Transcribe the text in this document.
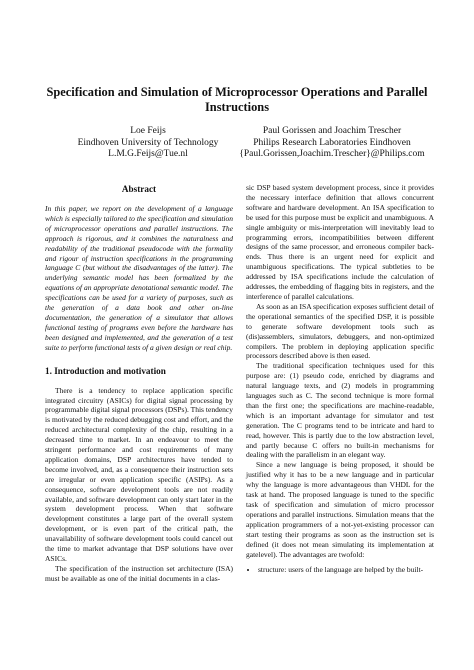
Specification and Simulation of Microprocessor Operations and Parallel Instructions
Loe Feijs
Eindhoven University of Technology
L.M.G.Feijs@Tue.nl
Paul Gorissen and Joachim Trescher
Philips Research Laboratories Eindhoven
{Paul.Gorissen,Joachim.Trescher}@Philips.com
Abstract

In this paper, we report on the development of a language which is especially tailored to the specification and simulation of microprocessor operations and parallel instructions. The approach is rigorous, and it combines the naturalness and readability of the traditional pseudocode with the formality and rigour of instruction specifications in the programming language C (but without the disadvantages of the latter). The underlying semantic model has been formalized by the equations of an appropriate denotational semantic model. The specifications can be used for a variety of purposes, such as the generation of a data book and other on-line documentation, the generation of a simulator that allows functional testing of programs even before the hardware has been designed and implemented, and the generation of a test suite to perform functional tests of a given design or real chip.

1. Introduction and motivation

There is a tendency to replace application specific integrated circuitry (ASICs) for digital signal processing by programmable digital signal processors (DSPs). This tendency is motivated by the reduced debugging cost and effort, and the reduced architectural complexity of the chip, resulting in a decreased time to market. In an endeavour to meet the stringent performance and cost requirements of many application domains, DSP architectures have tended to become involved, and, as a consequence their instruction sets are irregular or even application specific (ASIPs). As a consequence, software development tools are not readily available, and software development can only start later in the system development process. When that software development constitutes a large part of the overall system development, or is even part of the critical path, the unavailability of software development tools could cancel out the time to market advantage that DSP solutions have over ASICs.

The specification of the instruction set architecture (ISA) must be available as one of the initial documents in a clas-

sic DSP based system development process, since it provides the necessary interface definition that allows concurrent software and hardware development. An ISA specification to be used for this purpose must be explicit and unambiguous. A single ambiguity or mis-interpretation will inevitably lead to programming errors, incompatibilities between different designs of the same processor, and erroneous compiler back-ends. Thus there is an urgent need for explicit and unambiguous specifications. The typical subtleties to be addressed by ISA specifications include the calculation of addresses, the embedding of flagging bits in registers, and the interference of parallel calculations.

As soon as an ISA specification exposes sufficient detail of the operational semantics of the specified DSP, it is possible to generate software development tools such as (dis)assemblers, simulators, debuggers, and non-optimized compilers. The problem in deploying application specific processors described above is then eased.

The traditional specification techniques used for this purpose are: (1) pseudo code, enriched by diagrams and natural language texts, and (2) models in programming languages such as C. The second technique is more formal than the first one; the specifications are machine-readable, which is an important advantage for simulator and test generation. The C programs tend to be intricate and hard to read, however. This is partly due to the low abstraction level, and partly because C offers no built-in mechanisms for dealing with the parallelism in an elegant way.

Since a new language is being proposed, it should be justified why it has to be a new language and in particular why the language is more advantageous than VHDL for the task at hand. The proposed language is tuned to the specific task of specification and simulation of micro processor operations and parallel instructions. Simulation means that the application programmers of a not-yet-existing processor can start testing their programs as soon as the instruction set is defined (it does not mean simulating its implementation at gatelevel). The advantages are twofold:

• structure: users of the language are helped by the built-
